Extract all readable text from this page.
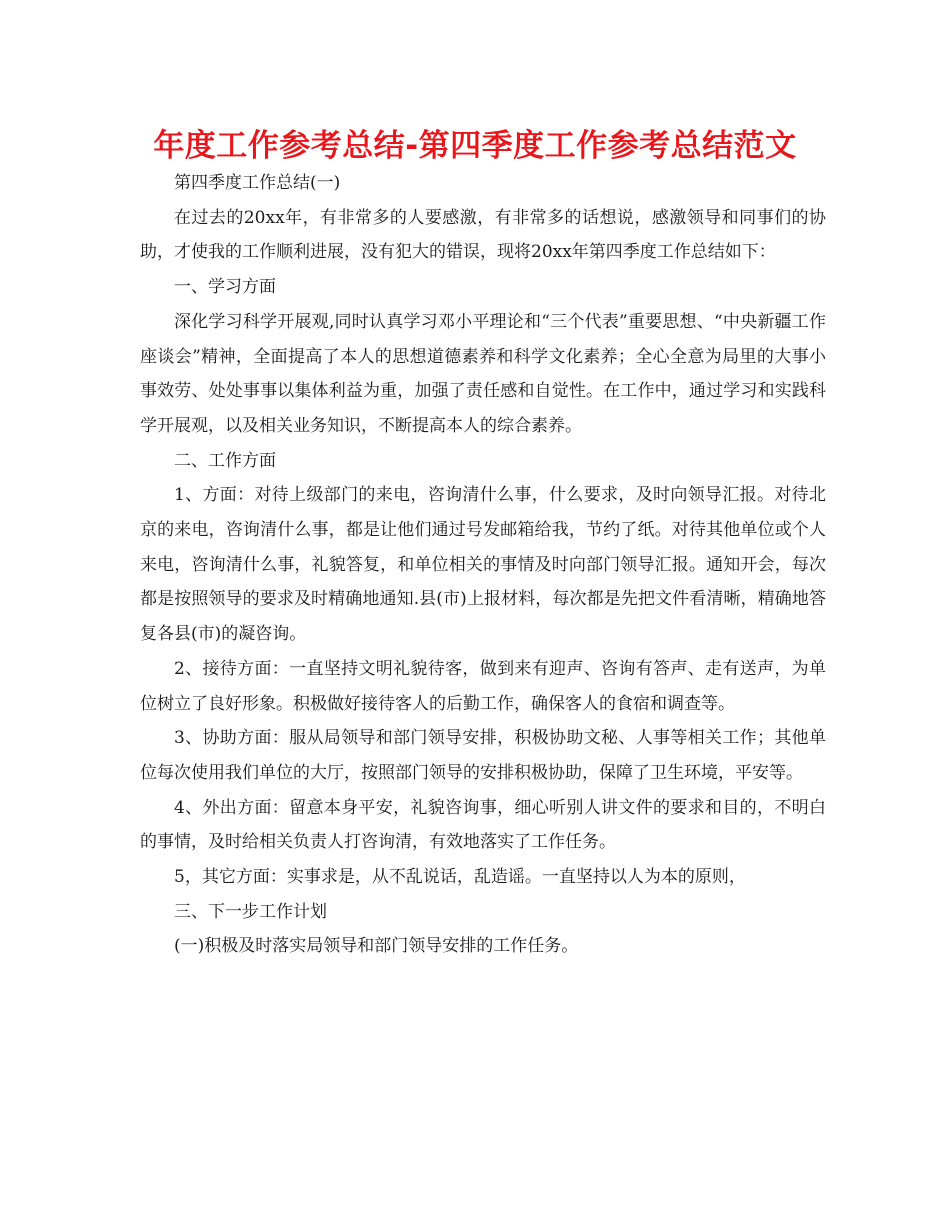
年度工作参考总结-第四季度工作参考总结范文

第四季度工作总结(一)

在过去的20xx年，有非常多的人要感激，有非常多的话想说，感激领导和同事们的协助，才使我的工作顺利进展，没有犯大的错误，现将20xx年第四季度工作总结如下：

一、学习方面

深化学习科学开展观,同时认真学习邓小平理论和“三个代表”重要思想、“中央新疆工作座谈会”精神，全面提高了本人的思想道德素养和科学文化素养；全心全意为局里的大事小事效劳、处处事事以集体利益为重，加强了责任感和自觉性。在工作中，通过学习和实践科学开展观，以及相关业务知识，不断提高本人的综合素养。

二、工作方面

1、方面：对待上级部门的来电，咨询清什么事，什么要求，及时向领导汇报。对待北京的来电，咨询清什么事，都是让他们通过号发邮箱给我，节约了纸。对待其他单位或个人来电，咨询清什么事，礼貌答复，和单位相关的事情及时向部门领导汇报。通知开会，每次都是按照领导的要求及时精确地通知.县(市)上报材料，每次都是先把文件看清晰，精确地答复各县(市)的凝咨询。

2、接待方面：一直坚持文明礼貌待客，做到来有迎声、咨询有答声、走有送声，为单位树立了良好形象。积极做好接待客人的后勤工作，确保客人的食宿和调查等。

3、协助方面：服从局领导和部门领导安排，积极协助文秘、人事等相关工作；其他单位每次使用我们单位的大厅，按照部门领导的安排积极协助，保障了卫生环境，平安等。

4、外出方面：留意本身平安，礼貌咨询事，细心听别人讲文件的要求和目的，不明白的事情，及时给相关负责人打咨询清，有效地落实了工作任务。

5，其它方面：实事求是，从不乱说话，乱造谣。一直坚持以人为本的原则，

三、下一步工作计划

(一)积极及时落实局领导和部门领导安排的工作任务。
